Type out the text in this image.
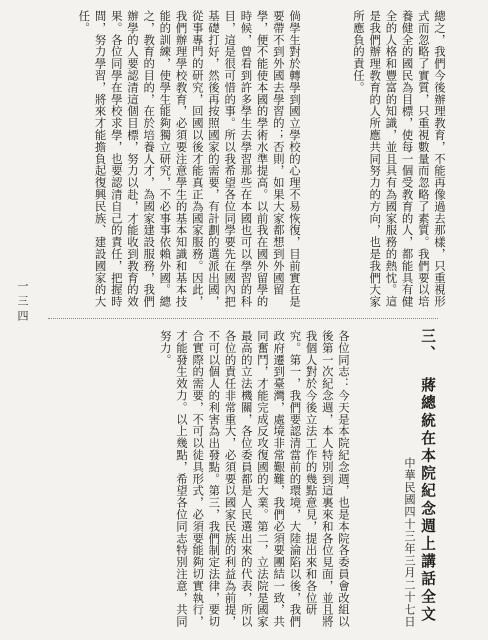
總之，我們今後辦理教育，不能再像過去那樣，只重視形式而忽略了實質，只重視數量而忽略了素質。我們要以培養健全的國民為目標，使每一個受教育的人，都能具有健全的人格和豐富的知識，並且具有為國家服務的熱忱。這是我們辦理教育的人所應共同努力的方向，也是我們大家所應負的責任。

倘學生對於轉學到國立學校的心理不易恢復，目前實在是要帶不到外國去學習的；否則，如果大家都想到外國留學，便不能使本國的學術水準提高。以前我在國外留學的時候，曾看到許多學生去學習那些在本國也可以學習的科目，這是很可惜的事。所以我希望各位同學要先在國內把基礎打好，然後再按照國家的需要，有計劃的選派出國，從事專門的研究，回國以後才能真正為國家服務。因此，我們辦理學校教育，必須要注意學生的基本知識和基本技能的訓練，使學生能夠獨立研究，不必事事依賴外國。總之，教育的目的，在於培養人才，為國家建設服務，我們辦學的人要認清這個目標，努力以赴，才能收到教育的效果。各位同學在學校求學，也要認清自己的責任，把握時間，努力學習，將來才能擔負起復興民族、建設國家的大任。

中華民國四十三年三月二十七日
三、蔣總統在本院紀念週上講話全文

各位同志：今天是本院紀念週，也是本院各委員會改組以後第一次紀念週，本人特別到這裏來和各位見面，並且將我個人對於今後立法工作的幾點意見，提出來和各位研究。第一，我們要認清當前的環境，大陸淪陷以後，我們政府遷到臺灣，處境非常艱難，我們必須要團結一致，共同奮鬥，才能完成反攻復國的大業。第二，立法院是國家最高的立法機關，各位委員都是人民選出來的代表，所以各位的責任非常重大，必須要以國家民族的利益為前提，不可以個人的利害為出發點。第三，我們制定法律，要切合實際的需要，不可以徒具形式，必須要能夠切實執行，才能發生效力。以上幾點，希望各位同志特別注意，共同努力。

一三四
